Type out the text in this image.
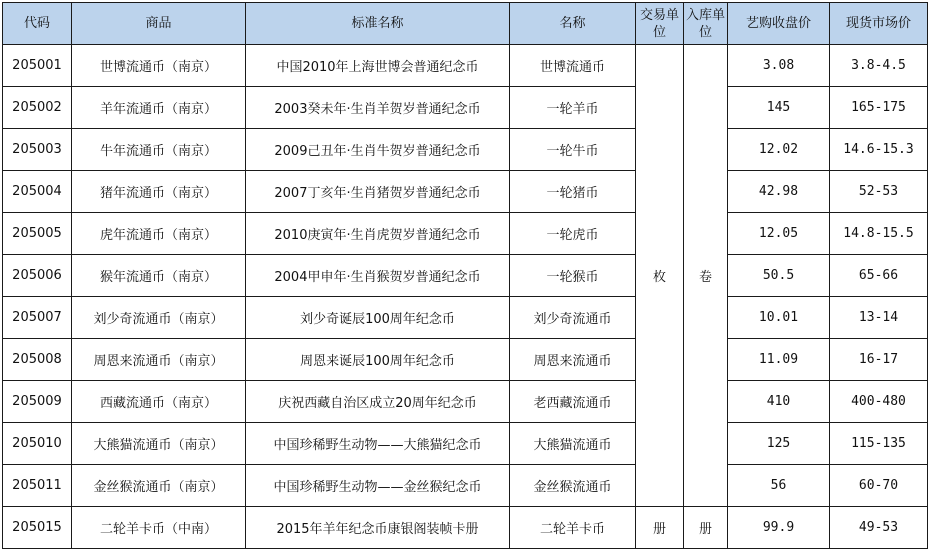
代码	商品	标准名称	名称	交易单位	入库单位	艺购收盘价	现货市场价
205001	世博流通币（南京）	中国2010年上海世博会普通纪念币	世博流通币	枚	卷	3.08	3.8-4.5
205002	羊年流通币（南京）	2003癸未年·生肖羊贺岁普通纪念币	一轮羊币			145	165-175
205003	牛年流通币（南京）	2009己丑年·生肖牛贺岁普通纪念币	一轮牛币			12.02	14.6-15.3
205004	猪年流通币（南京）	2007丁亥年·生肖猪贺岁普通纪念币	一轮猪币			42.98	52-53
205005	虎年流通币（南京）	2010庚寅年·生肖虎贺岁普通纪念币	一轮虎币			12.05	14.8-15.5
205006	猴年流通币（南京）	2004甲申年·生肖猴贺岁普通纪念币	一轮猴币			50.5	65-66
205007	刘少奇流通币（南京）	刘少奇诞辰100周年纪念币	刘少奇流通币			10.01	13-14
205008	周恩来流通币（南京）	周恩来诞辰100周年纪念币	周恩来流通币			11.09	16-17
205009	西藏流通币（南京）	庆祝西藏自治区成立20周年纪念币	老西藏流通币			410	400-480
205010	大熊猫流通币（南京）	中国珍稀野生动物——大熊猫纪念币	大熊猫流通币			125	115-135
205011	金丝猴流通币（南京）	中国珍稀野生动物——金丝猴纪念币	金丝猴流通币			56	60-70
205015	二轮羊卡币（中南）	2015年羊年纪念币康银阁装帧卡册	二轮羊卡币	册	册	99.9	49-53
